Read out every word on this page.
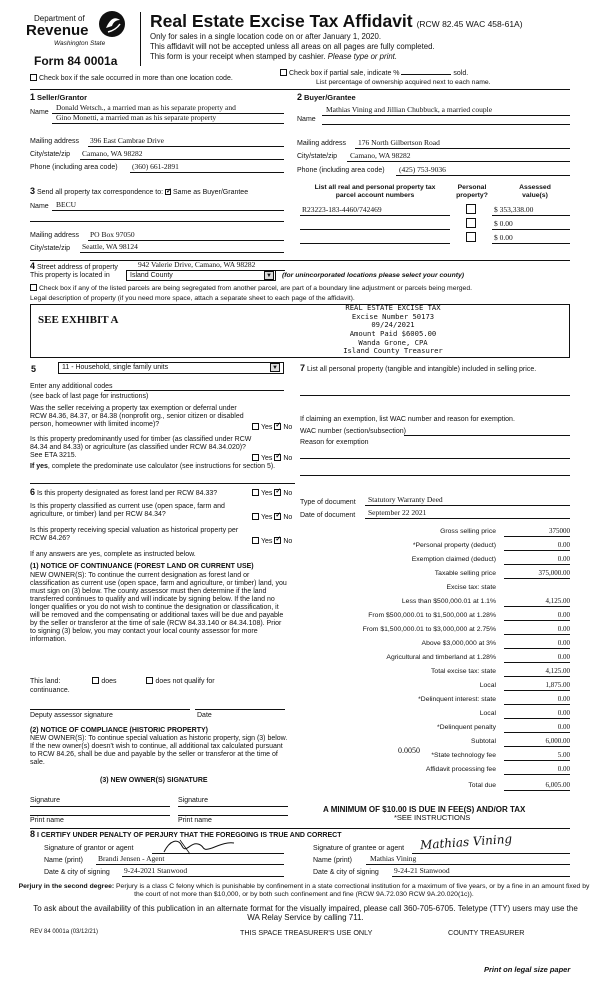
Department of
Revenue
Washington State
Form 84 0001a
Real Estate Excise Tax Affidavit (RCW 82.45 WAC 458-61A)
Only for sales in a single location code on or after January 1, 2020.
This affidavit will not be accepted unless all areas on all pages are fully completed.
This form is your receipt when stamped by cashier. Please type or print.
Check box if the sale occurred in more than one location code.
Check box if partial sale, indicate %	sold.
List percentage of ownership acquired next to each name.
1 Seller/Grantor
Name
Donald Wetsch., a married man as his separate property and
Gino Monetti, a married man as his separate property
Mailing address 396 East Cambrae Drive
City/state/zip Camano, WA 98282
Phone (including area code) (360) 661-2891
2 Buyer/Grantee
Mathias Vining and Jillian Chubbuck, a married couple
Name
Mailing address 176 North Gilbertson Road
City/state/zip Camano, WA 98282
Phone (including area code) (425) 753-9036
3 Send all property tax correspondence to: ✓ Same as Buyer/Grantee
Name BECU
Mailing address PO Box 97050
City/state/zip Seattle, WA 98124
List all real and personal property tax
parcel account numbers
Personal
property?
Assessed
value(s)
R23223-183-4460/742469	$ 353,338.00
$ 0.00
$ 0.00
4 Street address of property	942 Valerie Drive, Camano, WA 98282
This property is located in	Island County	▼ (for unincorporated locations please select your county)
Check box if any of the listed parcels are being segregated from another parcel, are part of a boundary line adjustment or parcels being merged.
Legal description of property (if you need more space, attach a separate sheet to each page of the affidavit).
SEE EXHIBIT A
REAL ESTATE EXCISE TAX
Excise Number 50173
09/24/2021
Amount Paid $6005.00
Wanda Grone, CPA
Island County Treasurer
5	11 - Household, single family units	▼
Enter any additional codes
(see back of last page for instructions)
Was the seller receiving a property tax exemption or deferral under RCW 84.36, 84.37, or 84.38 (nonprofit org., senior citizen or disabled person, homeowner with limited income)?	Yes ✓ No
Is this property predominantly used for timber (as classified under RCW 84.34 and 84.33) or agriculture (as classified under RCW 84.34.020)? See ETA 3215.	Yes ✓ No
If yes, complete the predominate use calculator (see instructions for section 5).
7 List all personal property (tangible and intangible) included in selling price.
If claiming an exemption, list WAC number and reason for exemption.
WAC number (section/subsection)
Reason for exemption
6 Is this property designated as forest land per RCW 84.33?	Yes ✓ No
Is this property classified as current use (open space, farm and agriculture, or timber) land per RCW 84.34?	Yes ✓ No
Is this property receiving special valuation as historical property per RCW 84.26?	Yes ✓ No
If any answers are yes, complete as instructed below.
(1) NOTICE OF CONTINUANCE (FOREST LAND OR CURRENT USE)
NEW OWNER(S): To continue the current designation as forest land or classification as current use (open space, farm and agriculture, or timber) land, you must sign on (3) below. The county assessor must then determine if the land transferred continues to qualify and will indicate by signing below. If the land no longer qualifies or you do not wish to continue the designation or classification, it will be removed and the compensating or additional taxes will be due and payable by the seller or transferor at the time of sale (RCW 84.33.140 or 84.34.108). Prior to signing (3) below, you may contact your local county assessor for more information.
This land:	does	does not qualify for
continuance.
Deputy assessor signature	Date
(2) NOTICE OF COMPLIANCE (HISTORIC PROPERTY)
NEW OWNER(S): To continue special valuation as historic property, sign (3) below. If the new owner(s) doesn't wish to continue, all additional tax calculated pursuant to RCW 84.26, shall be due and payable by the seller or transferor at the time of sale.
(3) NEW OWNER(S) SIGNATURE
Signature	Signature
Print name	Print name
Type of document Statutory Warranty Deed
Date of document September 22 2021
Gross selling price	375000
*Personal property (deduct)	0.00
Exemption claimed (deduct)	0.00
Taxable selling price	375,000.00
Excise tax: state
Less than $500,000.01 at 1.1%	4,125.00
From $500,000.01 to $1,500,000 at 1.28%	0.00
From $1,500,000.01 to $3,000,000 at 2.75%	0.00
Above $3,000,000 at 3%	0.00
Agricultural and timberland at 1.28%	0.00
Total excise tax: state	4,125.00
Local	1,875.00
*Delinquent interest: state	0.00
Local	0.00
*Delinquent penalty	0.00
Subtotal	6,000.00
*State technology fee	5.00
Affidavit processing fee	0.00
Total due	6,005.00
0.0050
A MINIMUM OF $10.00 IS DUE IN FEE(S) AND/OR TAX
*SEE INSTRUCTIONS
8 I CERTIFY UNDER PENALTY OF PERJURY THAT THE FOREGOING IS TRUE AND CORRECT
Signature of grantor or agent
Name (print) Brandi Jensen - Agent
Date & city of signing 9-24-2021 Stanwood
Signature of grantee or agent Mathias Vining
Name (print) Mathias Vining
Date & city of signing 9-24-21 Stanwood
Perjury in the second degree: Perjury is a class C felony which is punishable by confinement in a state correctional institution for a maximum of five years, or by a fine in an amount fixed by the court of not more than $10,000, or by both such confinement and fine (RCW 9A.72.030 RCW 9A.20.020(1c)).
To ask about the availability of this publication in an alternate format for the visually impaired, please call 360-705-6705. Teletype (TTY) users may use the WA Relay Service by calling 711.
REV 84 0001a (03/12/21)	THIS SPACE TREASURER'S USE ONLY	COUNTY TREASURER
Print on legal size paper
